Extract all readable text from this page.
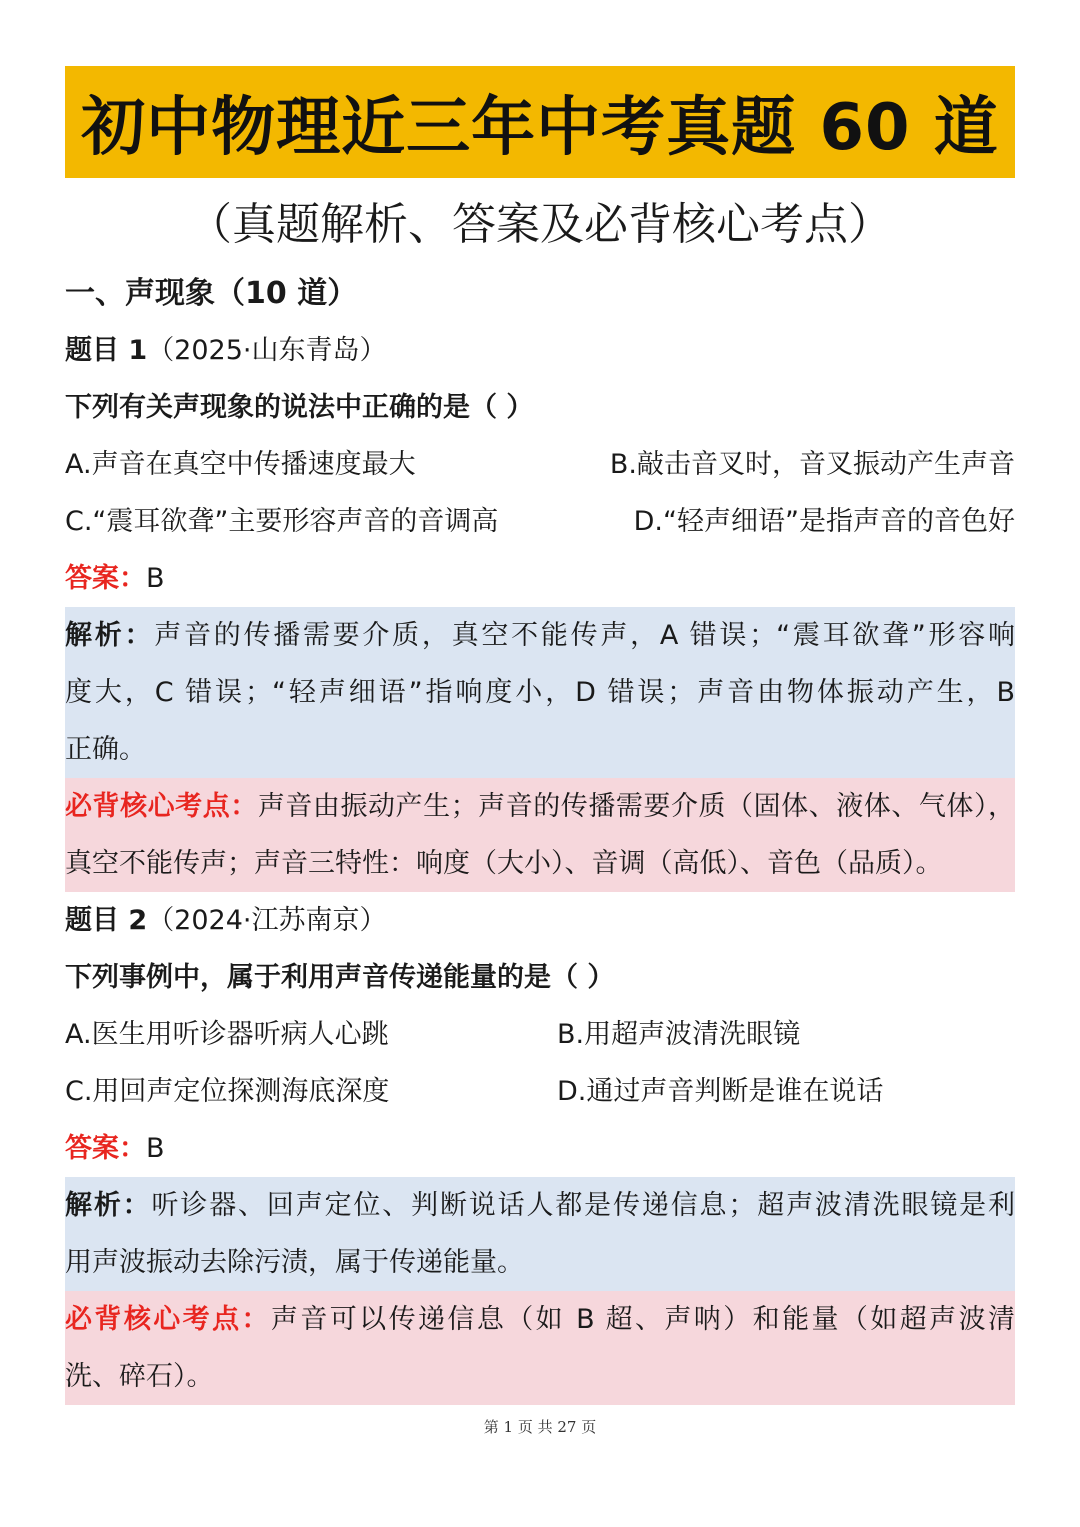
初中物理近三年中考真题 60 道
（真题解析、答案及必背核心考点）
一、声现象（10 道）
题目 1（2025·山东青岛）
下列有关声现象的说法中正确的是（ ）
A.声音在真空中传播速度最大	B.敲击音叉时，音叉振动产生声音
C.“震耳欲聋”主要形容声音的音调高	D.“轻声细语”是指声音的音色好
答案：B
解析：声音的传播需要介质，真空不能传声，A 错误；“震耳欲聋”形容响
度大，C 错误；“轻声细语”指响度小，D 错误；声音由物体振动产生，B
正确。
必背核心考点：声音由振动产生；声音的传播需要介质（固体、液体、气体），
真空不能传声；声音三特性：响度（大小）、音调（高低）、音色（品质）。
题目 2（2024·江苏南京）
下列事例中，属于利用声音传递能量的是（ ）
A.医生用听诊器听病人心跳	B.用超声波清洗眼镜
C.用回声定位探测海底深度	D.通过声音判断是谁在说话
答案：B
解析：听诊器、回声定位、判断说话人都是传递信息；超声波清洗眼镜是利
用声波振动去除污渍，属于传递能量。
必背核心考点：声音可以传递信息（如 B 超、声呐）和能量（如超声波清
洗、碎石）。
第 1 页 共 27 页
